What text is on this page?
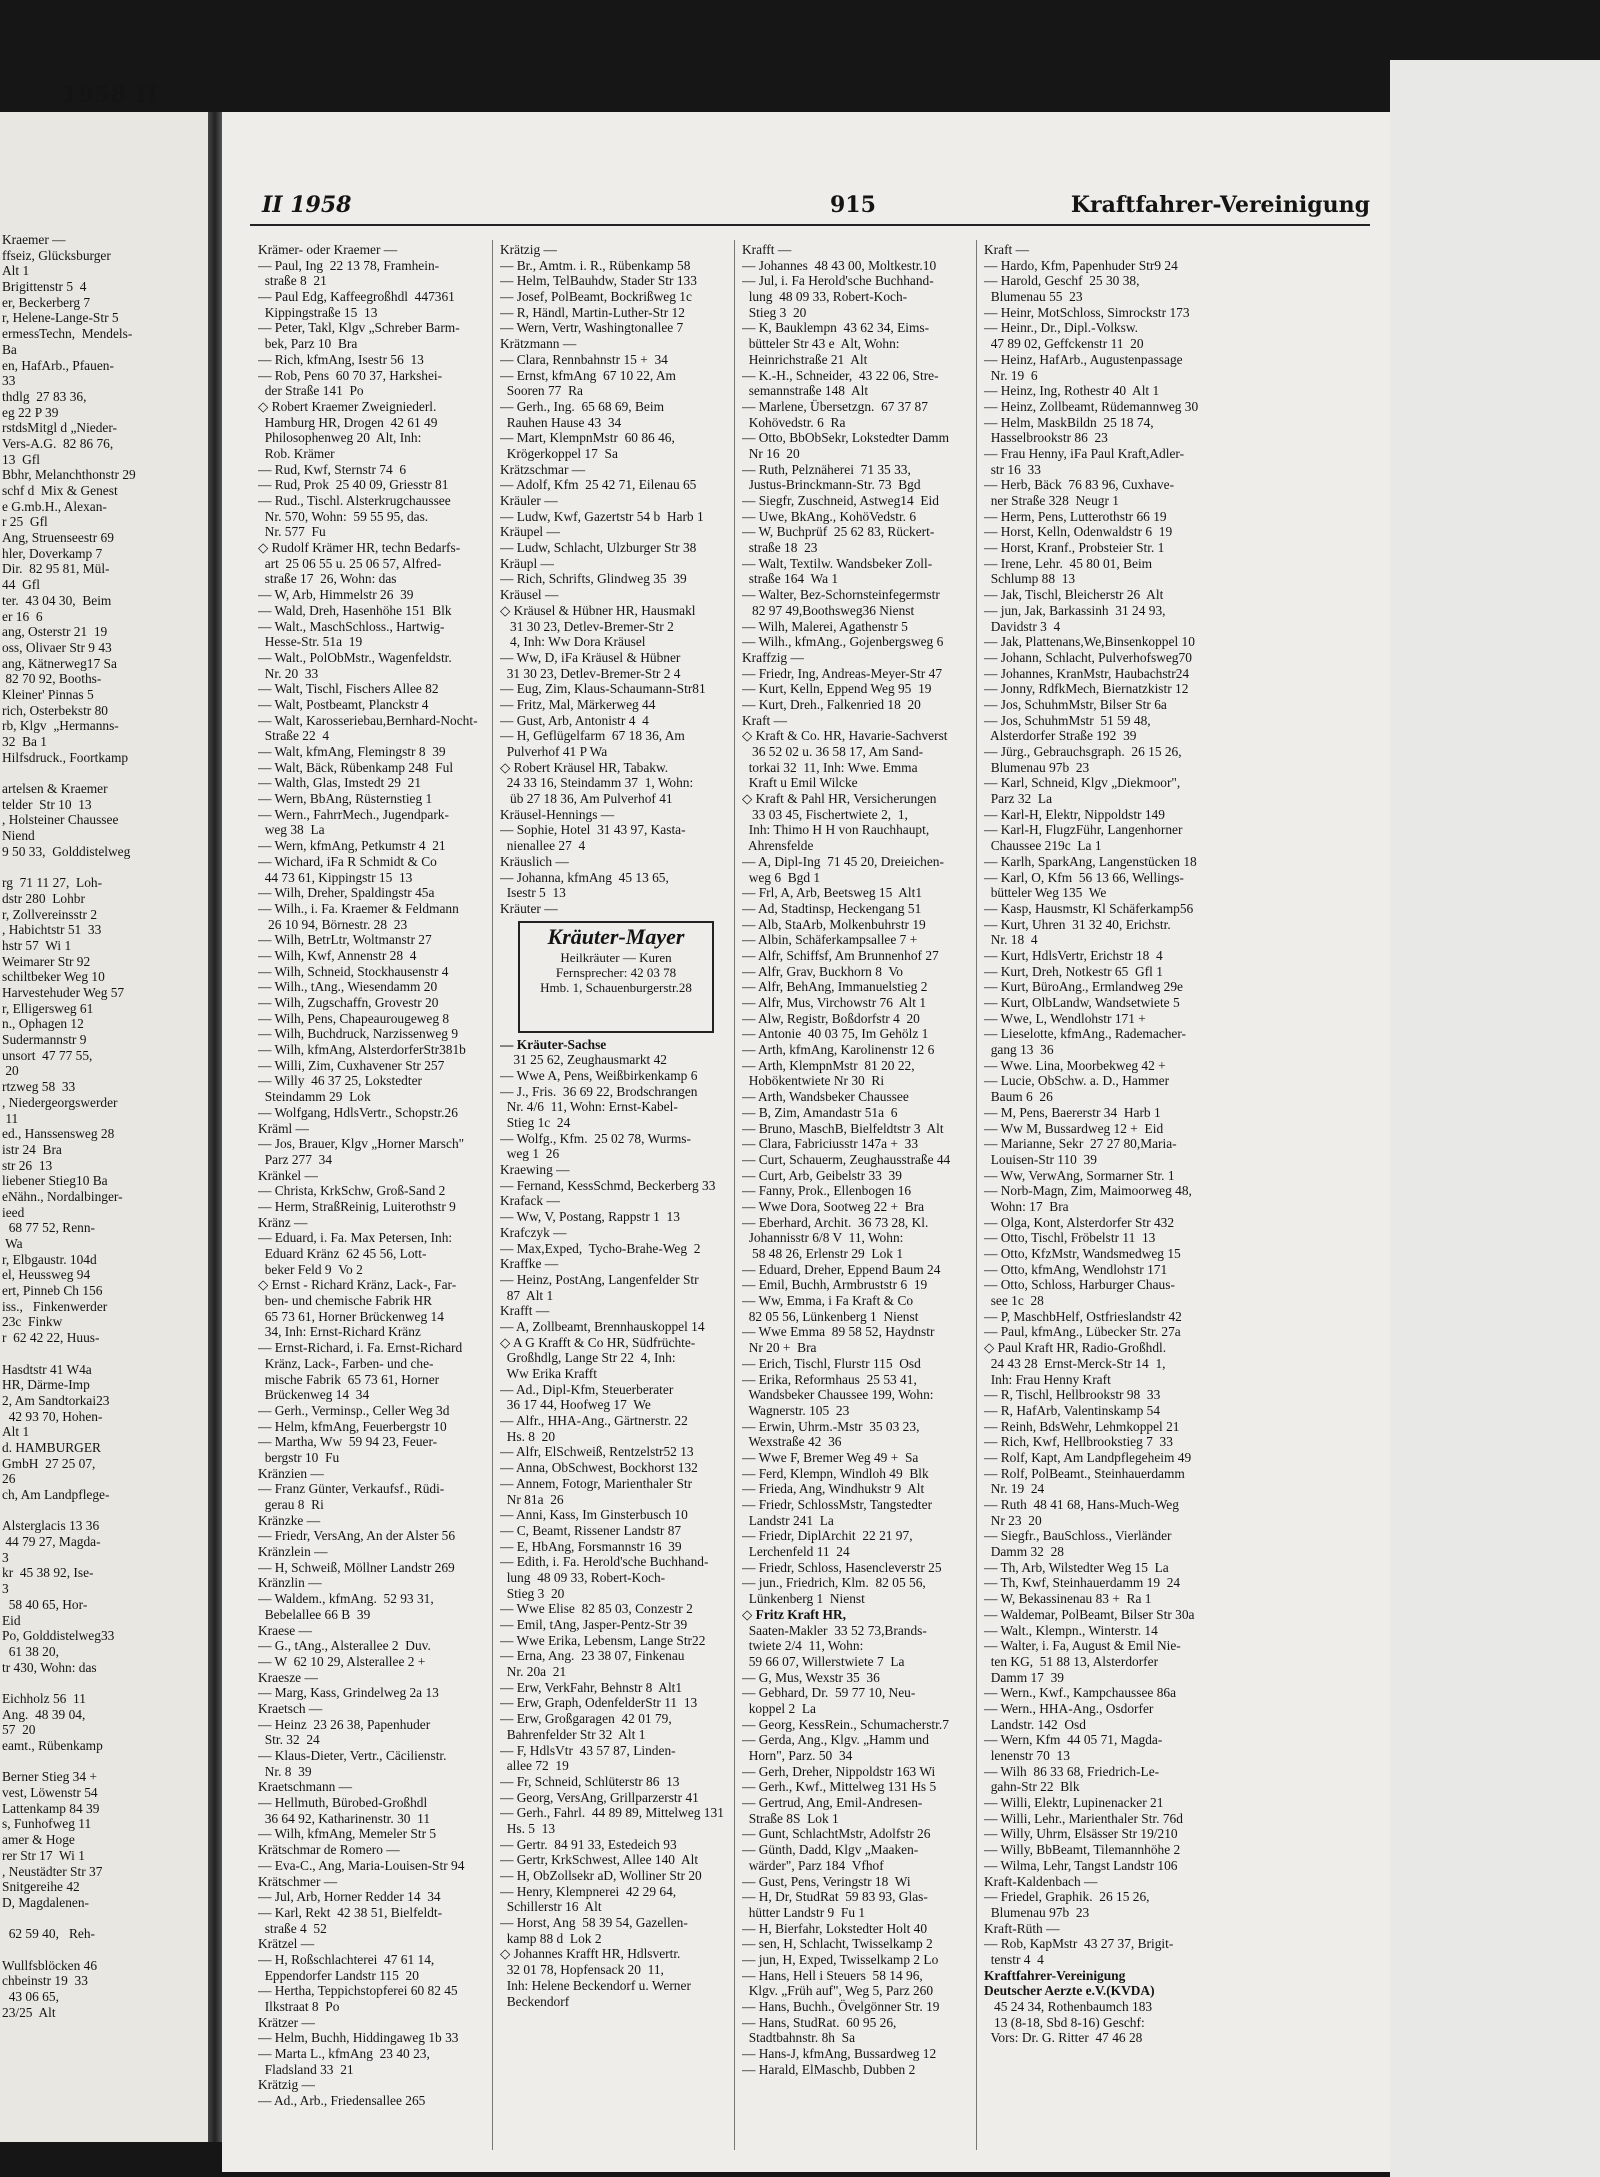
Kraemer —
ffseiz, Glücksburger
Alt 1
Brigittenstr 5  4
er, Beckerberg 7
r, Helene-Lange-Str 5
ermessTechn,  Mendels-
Ba
en, HafArb., Pfauen-
33
thdlg  27 83 36,
eg 22 P 39
rstdsMitgl d „Nieder-
Vers-A.G.  82 86 76,
13  Gfl
Bbhr, Melanchthonstr 29
schf d  Mix & Genest
e G.mb.H., Alexan-
r 25  Gfl
Ang, Struenseestr 69
hler, Doverkamp 7
Dir.  82 95 81, Mül-
44  Gfl
ter.  43 04 30,  Beim
er 16  6
ang, Osterstr 21  19
oss, Olivaer Str 9 43
ang, Kätnerweg17 Sa
82 70 92, Booths-
Kleiner' Pinnas 5
rich, Osterbekstr 80
rb, Klgv  „Hermanns-
32  Ba 1
Hilfsdruck., Foortkamp
artelsen & Kraemer
telder  Str 10  13
, Holsteiner Chaussee
Niend
9 50 33,  Golddistelweg
rg  71 11 27,  Loh-
dstr 280  Lohbr
r, Zollvereinsstr 2
, Habichtstr 51  33
hstr 57  Wi 1
Weimarer Str 92
schiltbeker Weg 10
Harvestehuder Weg 57
r, Elligersweg 61
n., Ophagen 12
Sudermannstr 9
unsort  47 77 55,
20
rtzweg 58  33
, Niedergeorgswerder
11
ed., Hanssensweg 28
istr 24  Bra
str 26  13
liebener Stieg10 Ba
eNähn., Nordalbinger-
ieed
68 77 52, Renn-
Wa
r, Elbgaustr. 104d
el, Heussweg 94
ert, Pinneb Ch 156
iss.,   Finkenwerder
23c  Finkw
r  62 42 22, Huus-
Hasdtstr 41 W4a
HR, Därme-Imp
2, Am Sandtorkai23
42 93 70, Hohen-
Alt 1
d. HAMBURGER
GmbH  27 25 07,
26
ch, Am Landpflege-
Alsterglacis 13 36
44 79 27, Magda-
3
kr  45 38 92, Ise-
3
58 40 65, Hor-
Eid
Po, Golddistelweg33
61 38 20,
tr 430, Wohn: das
Eichholz 56  11
Ang.  48 39 04,
57  20
eamt., Rübenkamp
Berner Stieg 34 +
vest, Löwenstr 54
Lattenkamp 84 39
s, Funhofweg 11
amer & Hoge
rer Str 17  Wi 1
, Neustädter Str 37
Snitgereihe 42
D, Magdalenen-
62 59 40,   Reh-
Wullfsblöcken 46
chbeinstr 19  33
43 06 65,
23/25  Alt
II 1958	915	Kraftfahrer-Vereinigung
Krämer- oder Kraemer —
— Paul, Ing  22 13 78, Framhein-
straße 8  21
— Paul Edg, Kaffeegroßhdl  447361
Kippingstraße 15  13
— Peter, Takl, Klgv „Schreber Barm-
bek, Parz 10  Bra
— Rich, kfmAng, Isestr 56  13
— Rob, Pens  60 70 37, Harkshei-
der Straße 141  Po
◇ Robert Kraemer Zweigniederl.
Hamburg HR, Drogen  42 61 49
Philosophenweg 20  Alt, Inh:
Rob. Krämer
— Rud, Kwf, Sternstr 74  6
— Rud, Prok  25 40 09, Griesstr 81
— Rud., Tischl. Alsterkrugchaussee
Nr. 570, Wohn:  59 55 95, das.
Nr. 577  Fu
◇ Rudolf Krämer HR, techn Bedarfs-
art  25 06 55 u. 25 06 57, Alfred-
straße 17  26, Wohn: das
— W, Arb, Himmelstr 26  39
— Wald, Dreh, Hasenhöhe 151  Blk
— Walt., MaschSchloss., Hartwig-
Hesse-Str. 51a  19
— Walt., PolObMstr., Wagenfeldstr.
Nr. 20  33
— Walt, Tischl, Fischers Allee 82
— Walt, Postbeamt, Planckstr 4
— Walt, Karosseriebau,Bernhard-Nocht-
Straße 22  4
— Walt, kfmAng, Flemingstr 8  39
— Walt, Bäck, Rübenkamp 248  Ful
— Walth, Glas, Imstedt 29  21
— Wern, BbAng, Rüsternstieg 1
— Wern., FahrrMech., Jugendpark-
weg 38  La
— Wern, kfmAng, Petkumstr 4  21
— Wichard, iFa R Schmidt & Co
44 73 61, Kippingstr 15  13
— Wilh, Dreher, Spaldingstr 45a
— Wilh., i. Fa. Kraemer & Feldmann
26 10 94, Börnestr. 28  23
— Wilh, BetrLtr, Woltmanstr 27
— Wilh, Kwf, Annenstr 28  4
— Wilh, Schneid, Stockhausenstr 4
— Wilh., tAng., Wiesendamm 20
— Wilh, Zugschaffn, Grovestr 20
— Wilh, Pens, Chapeaurougeweg 8
— Wilh, Buchdruck, Narzissenweg 9
— Wilh, kfmAng, AlsterdorferStr381b
— Willi, Zim, Cuxhavener Str 257
— Willy  46 37 25, Lokstedter
Steindamm 29  Lok
— Wolfgang, HdlsVertr., Schopstr.26
Kräml —
— Jos, Brauer, Klgv „Horner Marsch"
Parz 277  34
Kränkel —
— Christa, KrkSchw, Groß-Sand 2
— Herm, StraßReinig, Luiterothstr 9
Kränz —
— Eduard, i. Fa. Max Petersen, Inh:
Eduard Kränz  62 45 56, Lott-
beker Feld 9  Vo 2
◇ Ernst - Richard Kränz, Lack-, Far-
ben- und chemische Fabrik HR
65 73 61, Horner Brückenweg 14
34, Inh: Ernst-Richard Kränz
— Ernst-Richard, i. Fa. Ernst-Richard
Kränz, Lack-, Farben- und che-
mische Fabrik  65 73 61, Horner
Brückenweg 14  34
— Gerh., Verminsp., Celler Weg 3d
— Helm, kfmAng, Feuerbergstr 10
— Martha, Ww  59 94 23, Feuer-
bergstr 10  Fu
Kränzien —
— Franz Günter, Verkaufsf., Rüdi-
gerau 8  Ri
Kränzke —
— Friedr, VersAng, An der Alster 56
Kränzlein —
— H, Schweiß, Möllner Landstr 269
Kränzlin —
— Waldem., kfmAng.  52 93 31,
Bebelallee 66 B  39
Kraese —
— G., tAng., Alsterallee 2  Duv.
— W  62 10 29, Alsterallee 2 +
Kraesze —
— Marg, Kass, Grindelweg 2a 13
Kraetsch —
— Heinz  23 26 38, Papenhuder
Str. 32  24
— Klaus-Dieter, Vertr., Cäcilienstr.
Nr. 8  39
Kraetschmann —
— Hellmuth, Bürobed-Großhdl
36 64 92, Katharinenstr. 30  11
— Wilh, kfmAng, Memeler Str 5
Krätschmar de Romero —
— Eva-C., Ang, Maria-Louisen-Str 94
Krätschmer —
— Jul, Arb, Horner Redder 14  34
— Karl, Rekt  42 38 51, Bielfeldt-
straße 4  52
Krätzel —
— H, Roßschlachterei  47 61 14,
Eppendorfer Landstr 115  20
— Hertha, Teppichstopferei 60 82 45
Ilkstraat 8  Po
Krätzer —
— Helm, Buchh, Hiddingaweg 1b 33
— Marta L., kfmAng  23 40 23,
Fladsland 33  21
Krätzig —
— Ad., Arb., Friedensallee 265
Krätzig —
— Br., Amtm. i. R., Rübenkamp 58
— Helm, TelBauhdw, Stader Str 133
— Josef, PolBeamt, Bockrißweg 1c
— R, Händl, Martin-Luther-Str 12
— Wern, Vertr, Washingtonallee 7
Krätzmann —
— Clara, Rennbahnstr 15 +  34
— Ernst, kfmAng  67 10 22, Am
Sooren 77  Ra
— Gerh., Ing.  65 68 69, Beim
Rauhen Hause 43  34
— Mart, KlempnMstr  60 86 46,
Krögerkoppel 17  Sa
Krätzschmar —
— Adolf, Kfm  25 42 71, Eilenau 65
Kräuler —
— Ludw, Kwf, Gazertstr 54 b  Harb 1
Kräupel —
— Ludw, Schlacht, Ulzburger Str 38
Kräupl —
— Rich, Schrifts, Glindweg 35  39
Kräusel —
◇ Kräusel & Hübner HR, Hausmakl
31 30 23, Detlev-Bremer-Str 2
4, Inh: Ww Dora Kräusel
— Ww, D, iFa Kräusel & Hübner
31 30 23, Detlev-Bremer-Str 2 4
— Eug, Zim, Klaus-Schaumann-Str81
— Fritz, Mal, Märkerweg 44
— Gust, Arb, Antonistr 4  4
— H, Geflügelfarm  67 18 36, Am
Pulverhof 41 P Wa
◇ Robert Kräusel HR, Tabakw.
24 33 16, Steindamm 37  1, Wohn:
üb 27 18 36, Am Pulverhof 41
Kräusel-Hennings —
— Sophie, Hotel  31 43 97, Kasta-
nienallee 27  4
Kräuslich —
— Johanna, kfmAng  45 13 65,
Isestr 5  13
Kräuter —
Kräuter-Mayer
Heilkräuter — Kuren
Fernsprecher: 42 03 78
Hmb. 1, Schauenburgerstr.28
— Kräuter-Sachse
31 25 62, Zeughausmarkt 42
— Wwe A, Pens, Weißbirkenkamp 6
— J., Fris.  36 69 22, Brodschrangen
Nr. 4/6  11, Wohn: Ernst-Kabel-
Stieg 1c  24
— Wolfg., Kfm.  25 02 78, Wurms-
weg 1  26
Kraewing —
— Fernand, KessSchmd, Beckerberg 33
Krafack —
— Ww, V, Postang, Rappstr 1  13
Krafczyk —
— Max,Exped,  Tycho-Brahe-Weg  2
Kraffke —
— Heinz, PostAng, Langenfelder Str
87  Alt 1
Krafft —
— A, Zollbeamt, Brennhauskoppel 14
◇ A G Krafft & Co HR, Südfrüchte-
Großhdlg, Lange Str 22  4, Inh:
Ww Erika Krafft
— Ad., Dipl-Kfm, Steuerberater
36 17 44, Hoofweg 17  We
— Alfr., HHA-Ang., Gärtnerstr. 22
Hs. 8  20
— Alfr, ElSchweiß, Rentzelstr52 13
— Anna, ObSchwest, Bockhorst 132
— Annem, Fotogr, Marienthaler Str
Nr 81a  26
— Anni, Kass, Im Ginsterbusch 10
— C, Beamt, Rissener Landstr 87
— E, HbAng, Forsmannstr 16  39
— Edith, i. Fa. Herold'sche Buchhand-
lung  48 09 33, Robert-Koch-
Stieg 3  20
— Wwe Elise  82 85 03, Conzestr 2
— Emil, tAng, Jasper-Pentz-Str 39
— Wwe Erika, Lebensm, Lange Str22
— Erna, Ang.  23 38 07, Finkenau
Nr. 20a  21
— Erw, VerkFahr, Behnstr 8  Alt1
— Erw, Graph, OdenfelderStr 11  13
— Erw, Großgaragen  42 01 79,
Bahrenfelder Str 32  Alt 1
— F, HdlsVtr  43 57 87, Linden-
allee 72  19
— Fr, Schneid, Schlüterstr 86  13
— Georg, VersAng, Grillparzerstr 41
— Gerh., Fahrl.  44 89 89, Mittelweg 131
Hs. 5  13
— Gertr.  84 91 33, Estedeich 93
— Gertr, KrkSchwest, Allee 140  Alt
— H, ObZollsekr aD, Wolliner Str 20
— Henry, Klempnerei  42 29 64,
Schillerstr 16  Alt
— Horst, Ang  58 39 54, Gazellen-
kamp 88 d  Lok 2
◇ Johannes Krafft HR, Hdlsvertr.
32 01 78, Hopfensack 20  11,
Inh: Helene Beckendorf u. Werner
Beckendorf
Krafft —
— Johannes  48 43 00, Moltkestr.10
— Jul, i. Fa Herold'sche Buchhand-
lung  48 09 33, Robert-Koch-
Stieg 3  20
— K, Bauklempn  43 62 34, Eims-
bütteler Str 43 e  Alt, Wohn:
Heinrichstraße 21  Alt
— K.-H., Schneider,  43 22 06, Stre-
semannstraße 148  Alt
— Marlene, Übersetzgn.  67 37 87
Kohövedstr. 6  Ra
— Otto, BbObSekr, Lokstedter Damm
Nr 16  20
— Ruth, Pelznäherei  71 35 33,
Justus-Brinckmann-Str. 73  Bgd
— Siegfr, Zuschneid, Astweg14  Eid
— Uwe, BkAng., KohöVedstr. 6
— W, Buchprüf  25 62 83, Rückert-
straße 18  23
— Walt, Textilw. Wandsbeker Zoll-
straße 164  Wa 1
— Walter, Bez-Schornsteinfegermstr
82 97 49,Boothsweg36 Nienst
— Wilh, Malerei, Agathenstr 5
— Wilh., kfmAng., Gojenbergsweg 6
Kraffzig —
— Friedr, Ing, Andreas-Meyer-Str 47
— Kurt, Kelln, Eppend Weg 95  19
— Kurt, Dreh., Falkenried 18  20
Kraft —
◇ Kraft & Co. HR, Havarie-Sachverst
36 52 02 u. 36 58 17, Am Sand-
torkai 32  11, Inh: Wwe. Emma
Kraft u Emil Wilcke
◇ Kraft & Pahl HR, Versicherungen
33 03 45, Fischertwiete 2,  1,
Inh: Thimo H H von Rauchhaupt,
Ahrensfelde
— A, Dipl-Ing  71 45 20, Dreieichen-
weg 6  Bgd 1
— Frl, A, Arb, Beetsweg 15  Alt1
— Ad, Stadtinsp, Heckengang 51
— Alb, StaArb, Molkenbuhrstr 19
— Albin, Schäferkampsallee 7 +
— Alfr, Schiffsf, Am Brunnenhof 27
— Alfr, Grav, Buckhorn 8  Vo
— Alfr, BehAng, Immanuelstieg 2
— Alfr, Mus, Virchowstr 76  Alt 1
— Alw, Registr, Boßdorfstr 4  20
— Antonie  40 03 75, Im Gehölz 1
— Arth, kfmAng, Karolinenstr 12 6
— Arth, KlempnMstr  81 20 22,
Hobökentwiete Nr 30  Ri
— Arth, Wandsbeker Chaussee
— B, Zim, Amandastr 51a  6
— Bruno, MaschB, Bielfeldtstr 3  Alt
— Clara, Fabriciusstr 147a +  33
— Curt, Schauerm, Zeughausstraße 44
— Curt, Arb, Geibelstr 33  39
— Fanny, Prok., Ellenbogen 16
— Wwe Dora, Sootweg 22 +  Bra
— Eberhard, Archit.  36 73 28, Kl.
Johannisstr 6/8 V  11, Wohn:
58 48 26, Erlenstr 29  Lok 1
— Eduard, Dreher, Eppend Baum 24
— Emil, Buchh, Armbruststr 6  19
— Ww, Emma, i Fa Kraft & Co
82 05 56, Lünkenberg 1  Nienst
— Wwe Emma  89 58 52, Haydnstr
Nr 20 +  Bra
— Erich, Tischl, Flurstr 115  Osd
— Erika, Reformhaus  25 53 41,
Wandsbeker Chaussee 199, Wohn:
Wagnerstr. 105  23
— Erwin, Uhrm.-Mstr  35 03 23,
Wexstraße 42  36
— Wwe F, Bremer Weg 49 +  Sa
— Ferd, Klempn, Windloh 49  Blk
— Frieda, Ang, Windhukstr 9  Alt
— Friedr, SchlossMstr, Tangstedter
Landstr 241  La
— Friedr, DiplArchit  22 21 97,
Lerchenfeld 11  24
— Friedr, Schloss, Hasencleverstr 25
— jun., Friedrich, Klm.  82 05 56,
Lünkenberg 1  Nienst
◇ Fritz Kraft HR,
Saaten-Makler  33 52 73,Brands-
twiete 2/4  11, Wohn:
59 66 07, Willerstwiete 7  La
— G, Mus, Wexstr 35  36
— Gebhard, Dr.  59 77 10, Neu-
koppel 2  La
— Georg, KessRein., Schumacherstr.7
— Gerda, Ang., Klgv. „Hamm und
Horn", Parz. 50  34
— Gerh, Dreher, Nippoldstr 163 Wi
— Gerh., Kwf., Mittelweg 131 Hs 5
— Gertrud, Ang, Emil-Andresen-
Straße 8S  Lok 1
— Gunt, SchlachtMstr, Adolfstr 26
— Günth, Dadd, Klgv „Maaken-
wärder", Parz 184  Vfhof
— Gust, Pens, Veringstr 18  Wi
— H, Dr, StudRat  59 83 93, Glas-
hütter Landstr 9  Fu 1
— H, Bierfahr, Lokstedter Holt 40
— sen, H, Schlacht, Twisselkamp 2
— jun, H, Exped, Twisselkamp 2 Lo
— Hans, Hell i Steuers  58 14 96,
Klgv. „Früh auf", Weg 5, Parz 260
— Hans, Buchh., Övelgönner Str. 19
— Hans, StudRat.  60 95 26,
Stadtbahnstr. 8h  Sa
— Hans-J, kfmAng, Bussardweg 12
— Harald, ElMaschb, Dubben 2
Kraft —
— Hardo, Kfm, Papenhuder Str9 24
— Harold, Geschf  25 30 38,
Blumenau 55  23
— Heinr, MotSchloss, Simrockstr 173
— Heinr., Dr., Dipl.-Volksw.
47 89 02, Geffckenstr 11  20
— Heinz, HafArb., Augustenpassage
Nr. 19  6
— Heinz, Ing, Rothestr 40  Alt 1
— Heinz, Zollbeamt, Rüdemannweg 30
— Helm, MaskBildn  25 18 74,
Hasselbrookstr 86  23
— Frau Henny, iFa Paul Kraft,Adler-
str 16  33
— Herb, Bäck  76 83 96, Cuxhave-
ner Straße 328  Neugr 1
— Herm, Pens, Lutterothstr 66 19
— Horst, Kelln, Odenwaldstr 6  19
— Horst, Kranf., Probsteier Str. 1
— Irene, Lehr.  45 80 01, Beim
Schlump 88  13
— Jak, Tischl, Bleicherstr 26  Alt
— jun, Jak, Barkassinh  31 24 93,
Davidstr 3  4
— Jak, Plattenans,We,Binsenkoppel 10
— Johann, Schlacht, Pulverhofsweg70
— Johannes, KranMstr, Haubachstr24
— Jonny, RdfkMech, Biernatzkistr 12
— Jos, SchuhmMstr, Bilser Str 6a
— Jos, SchuhmMstr  51 59 48,
Alsterdorfer Straße 192  39
— Jürg., Gebrauchsgraph.  26 15 26,
Blumenau 97b  23
— Karl, Schneid, Klgv „Diekmoor",
Parz 32  La
— Karl-H, Elektr, Nippoldstr 149
— Karl-H, FlugzFühr, Langenhorner
Chaussee 219c  La 1
— Karlh, SparkAng, Langenstücken 18
— Karl, O, Kfm  56 13 66, Wellings-
bütteler Weg 135  We
— Kasp, Hausmstr, Kl Schäferkamp56
— Kurt, Uhren  31 32 40, Erichstr.
Nr. 18  4
— Kurt, HdlsVertr, Erichstr 18  4
— Kurt, Dreh, Notkestr 65  Gfl 1
— Kurt, BüroAng., Ermlandweg 29e
— Kurt, OlbLandw, Wandsetwiete 5
— Wwe, L, Wendlohstr 171 +
— Lieselotte, kfmAng., Rademacher-
gang 13  36
— Wwe. Lina, Moorbekweg 42 +
— Lucie, ObSchw. a. D., Hammer
Baum 6  26
— M, Pens, Baererstr 34  Harb 1
— Ww M, Bussardweg 12 +  Eid
— Marianne, Sekr  27 27 80,Maria-
Louisen-Str 110  39
— Ww, VerwAng, Sormarner Str. 1
— Norb-Magn, Zim, Maimoorweg 48,
Wohn: 17  Bra
— Olga, Kont, Alsterdorfer Str 432
— Otto, Tischl, Fröbelstr 11  13
— Otto, KfzMstr, Wandsmedweg 15
— Otto, kfmAng, Wendlohstr 171
— Otto, Schloss, Harburger Chaus-
see 1c  28
— P, MaschbHelf, Ostfrieslandstr 42
— Paul, kfmAng., Lübecker Str. 27a
◇ Paul Kraft HR, Radio-Großhdl.
24 43 28  Ernst-Merck-Str 14  1,
Inh: Frau Henny Kraft
— R, Tischl, Hellbrookstr 98  33
— R, HafArb, Valentinskamp 54
— Reinh, BdsWehr, Lehmkoppel 21
— Rich, Kwf, Hellbrookstieg 7  33
— Rolf, Kapt, Am Landpflegeheim 49
— Rolf, PolBeamt., Steinhauerdamm
Nr. 19  24
— Ruth  48 41 68, Hans-Much-Weg
Nr 23  20
— Siegfr., BauSchloss., Vierländer
Damm 32  28
— Th, Arb, Wilstedter Weg 15  La
— Th, Kwf, Steinhauerdamm 19  24
— W, Bekassinenau 83 +  Ra 1
— Waldemar, PolBeamt, Bilser Str 30a
— Walt., Klempn., Winterstr. 14
— Walter, i. Fa, August & Emil Nie-
ten KG,  51 88 13, Alsterdorfer
Damm 17  39
— Wern., Kwf., Kampchaussee 86a
— Wern., HHA-Ang., Osdorfer
Landstr. 142  Osd
— Wern, Kfm  44 05 71, Magda-
lenenstr 70  13
— Wilh  86 33 68, Friedrich-Le-
gahn-Str 22  Blk
— Willi, Elektr, Lupinenacker 21
— Willi, Lehr., Marienthaler Str. 76d
— Willy, Uhrm, Elsässer Str 19/210
— Willy, BbBeamt, Tilemannhöhe 2
— Wilma, Lehr, Tangst Landstr 106
Kraft-Kaldenbach —
— Friedel, Graphik.  26 15 26,
Blumenau 97b  23
Kraft-Rüth —
— Rob, KapMstr  43 27 37, Brigit-
tenstr 4  4
Kraftfahrer-Vereinigung
Deutscher Aerzte e.V.(KVDA)
45 24 34, Rothenbaumch 183
13 (8-18, Sbd 8-16) Geschf:
Vors: Dr. G. Ritter  47 46 28
1958 II
